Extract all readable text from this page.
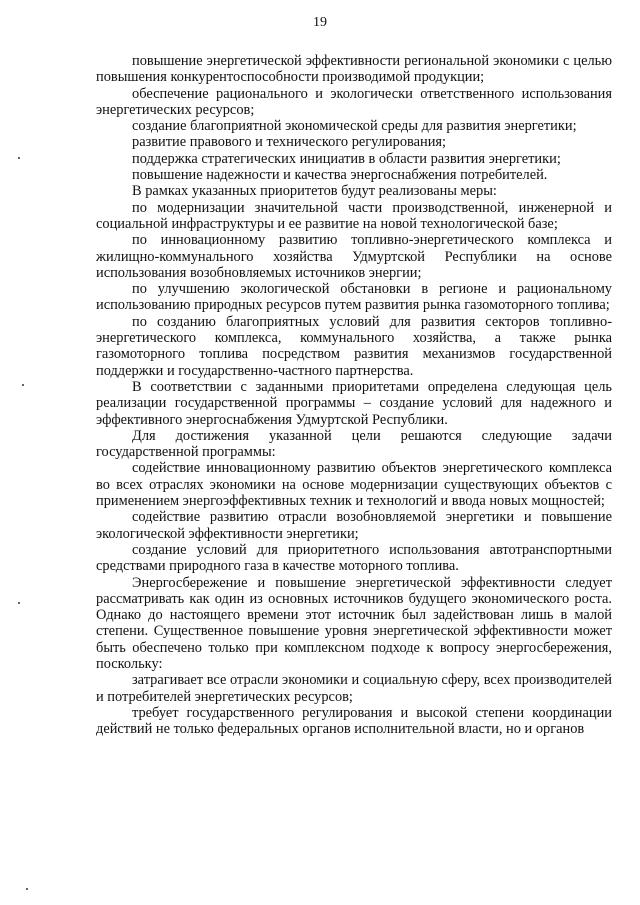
19

повышение энергетической эффективности региональной экономики с целью повышения конкурентоспособности производимой продукции;

обеспечение рационального и экологически ответственного использования энергетических ресурсов;

создание благоприятной экономической среды для развития энергетики;

развитие правового и технического регулирования;

поддержка стратегических инициатив в области развития энергетики;

повышение надежности и качества энергоснабжения потребителей.

В рамках указанных приоритетов будут реализованы меры:

по модернизации значительной части производственной, инженерной и социальной инфраструктуры и ее развитие на новой технологической базе;

по инновационному развитию топливно-энергетического комплекса и жилищно-коммунального хозяйства Удмуртской Республики на основе использования возобновляемых источников энергии;

по улучшению экологической обстановки в регионе и рациональному использованию природных ресурсов путем развития рынка газомоторного топлива;

по созданию благоприятных условий для развития секторов топливно-энергетического комплекса, коммунального хозяйства, а также рынка газомоторного топлива посредством развития механизмов государственной поддержки и государственно-частного партнерства.

В соответствии с заданными приоритетами определена следующая цель реализации государственной программы – создание условий для надежного и эффективного энергоснабжения Удмуртской Республики.

Для достижения указанной цели решаются следующие задачи государственной программы:

содействие инновационному развитию объектов энергетического комплекса во всех отраслях экономики на основе модернизации существующих объектов с применением энергоэффективных техник и технологий и ввода новых мощностей;

содействие развитию отрасли возобновляемой энергетики и повышение экологической эффективности энергетики;

создание условий для приоритетного использования автотранспортными средствами природного газа в качестве моторного топлива.

Энергосбережение и повышение энергетической эффективности следует рассматривать как один из основных источников будущего экономического роста. Однако до настоящего времени этот источник был задействован лишь в малой степени. Существенное повышение уровня энергетической эффективности может быть обеспечено только при комплексном подходе к вопросу энергосбережения, поскольку:

затрагивает все отрасли экономики и социальную сферу, всех производителей и потребителей энергетических ресурсов;

требует государственного регулирования и высокой степени координации действий не только федеральных органов исполнительной власти, но и органов
